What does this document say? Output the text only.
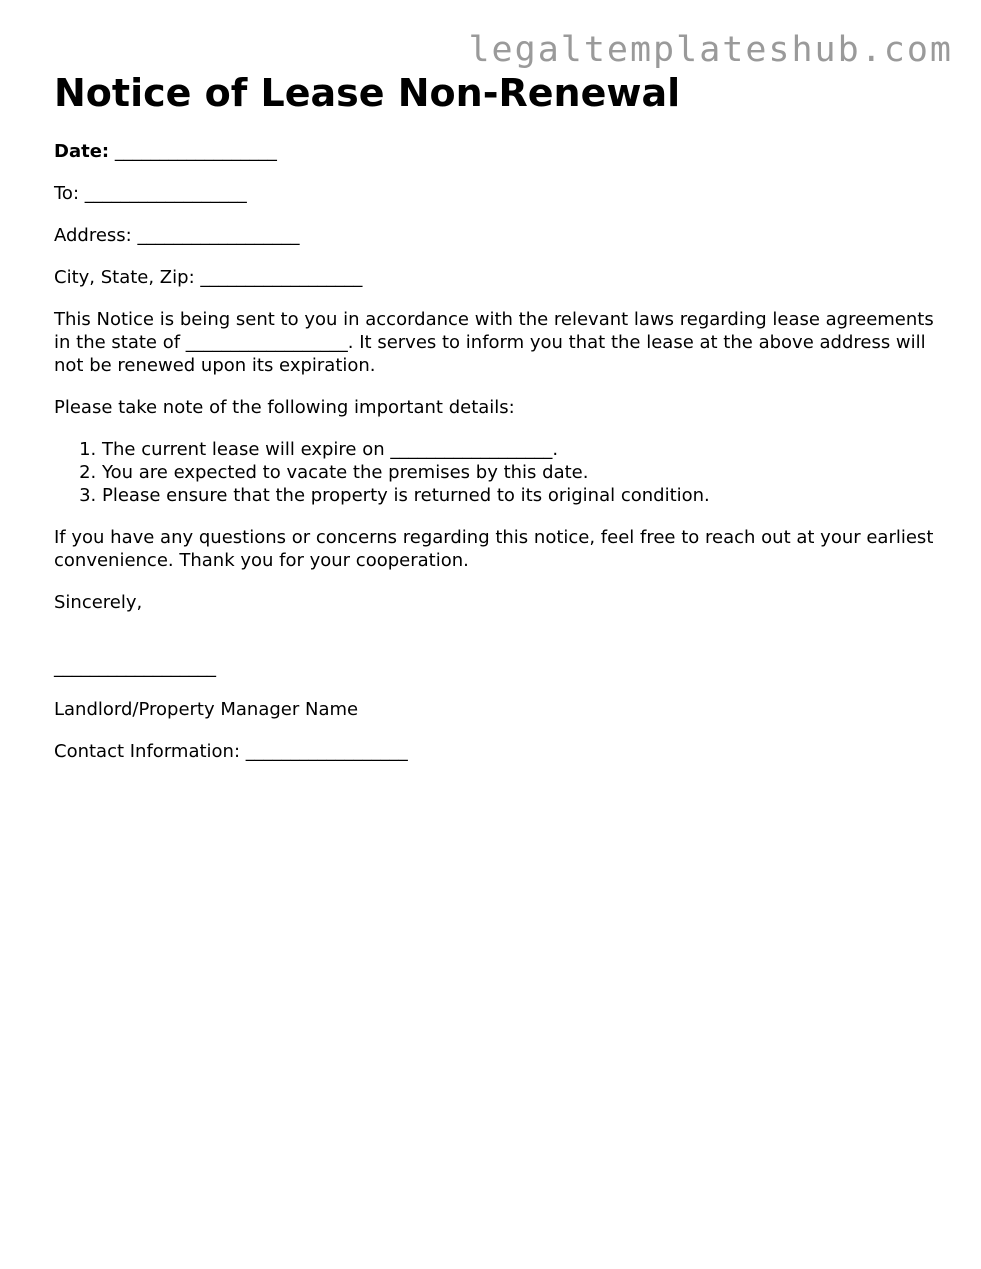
legaltemplateshub.com
Notice of Lease Non-Renewal

Date: __________________

To: __________________

Address: __________________

City, State, Zip: __________________

This Notice is being sent to you in accordance with the relevant laws regarding lease agreements in the state of __________________. It serves to inform you that the lease at the above address will not be renewed upon its expiration.

Please take note of the following important details:

1. The current lease will expire on __________________.
2. You are expected to vacate the premises by this date.
3. Please ensure that the property is returned to its original condition.

If you have any questions or concerns regarding this notice, feel free to reach out at your earliest convenience. Thank you for your cooperation.

Sincerely,

__________________

Landlord/Property Manager Name

Contact Information: __________________
